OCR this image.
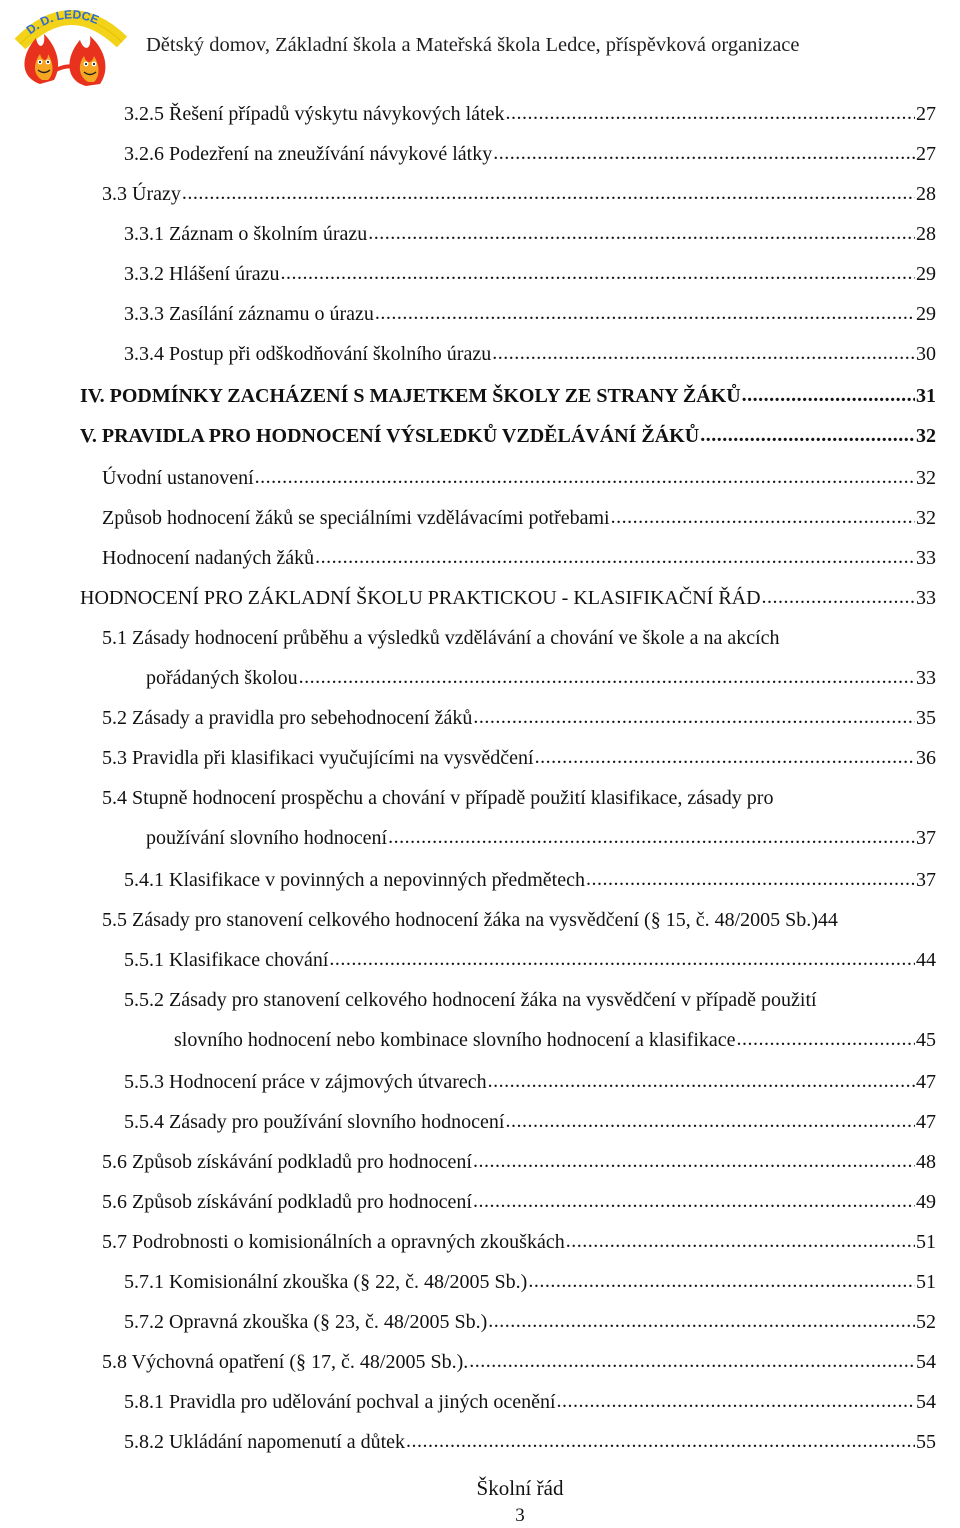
D. D. LEDCE
Dětský domov, Základní škola a Mateřská škola Ledce, příspěvková organizace
3.2.5 Řešení případů výskytu návykových látek .....	27
3.2.6 Podezření na zneužívání návykové látky .....	27
3.3 Úrazy .....	28
3.3.1 Záznam o školním úrazu .....	28
3.3.2 Hlášení úrazu .....	29
3.3.3 Zasílání záznamu o úrazu .....	29
3.3.4 Postup při odškodňování školního úrazu .....	30
IV. PODMÍNKY ZACHÁZENÍ S MAJETKEM ŠKOLY ZE STRANY ŽÁKŮ .....	31
V. PRAVIDLA PRO HODNOCENÍ VÝSLEDKŮ VZDĚLÁVÁNÍ ŽÁKŮ .....	32
Úvodní ustanovení .....	32
Způsob hodnocení žáků se speciálními vzdělávacími potřebami .....	32
Hodnocení nadaných žáků .....	33
HODNOCENÍ PRO ZÁKLADNÍ ŠKOLU PRAKTICKOU - KLASIFIKAČNÍ ŘÁD .....	33
5.1 Zásady hodnocení průběhu a výsledků vzdělávání a chování ve škole a na akcích
pořádaných školou .....	33
5.2 Zásady a pravidla pro sebehodnocení žáků .....	35
5.3 Pravidla při klasifikaci vyučujícími na vysvědčení .....	36
5.4 Stupně hodnocení prospěchu a chování v případě použití klasifikace, zásady pro
používání slovního hodnocení .....	37
5.4.1 Klasifikace v povinných a nepovinných předmětech .....	37
5.5 Zásady pro stanovení celkového hodnocení žáka na vysvědčení (§ 15, č. 48/2005 Sb.) 44
5.5.1 Klasifikace chování .....	44
5.5.2 Zásady pro stanovení celkového hodnocení žáka na vysvědčení v případě použití
slovního hodnocení nebo kombinace slovního hodnocení a klasifikace .....	45
5.5.3 Hodnocení práce v zájmových útvarech .....	47
5.5.4 Zásady pro používání slovního hodnocení .....	47
5.6 Způsob získávání podkladů pro hodnocení .....	48
5.6 Způsob získávání podkladů pro hodnocení .....	49
5.7 Podrobnosti o komisionálních a opravných zkouškách .....	51
5.7.1 Komisionální zkouška (§ 22, č. 48/2005 Sb.) .....	51
5.7.2 Opravná zkouška (§ 23, č. 48/2005 Sb.) .....	52
5.8 Výchovná opatření (§ 17, č. 48/2005 Sb.). .....	54
5.8.1 Pravidla pro udělování pochval a jiných ocenění .....	54
5.8.2 Ukládání napomenutí a důtek .....	55
Školní řád
3
